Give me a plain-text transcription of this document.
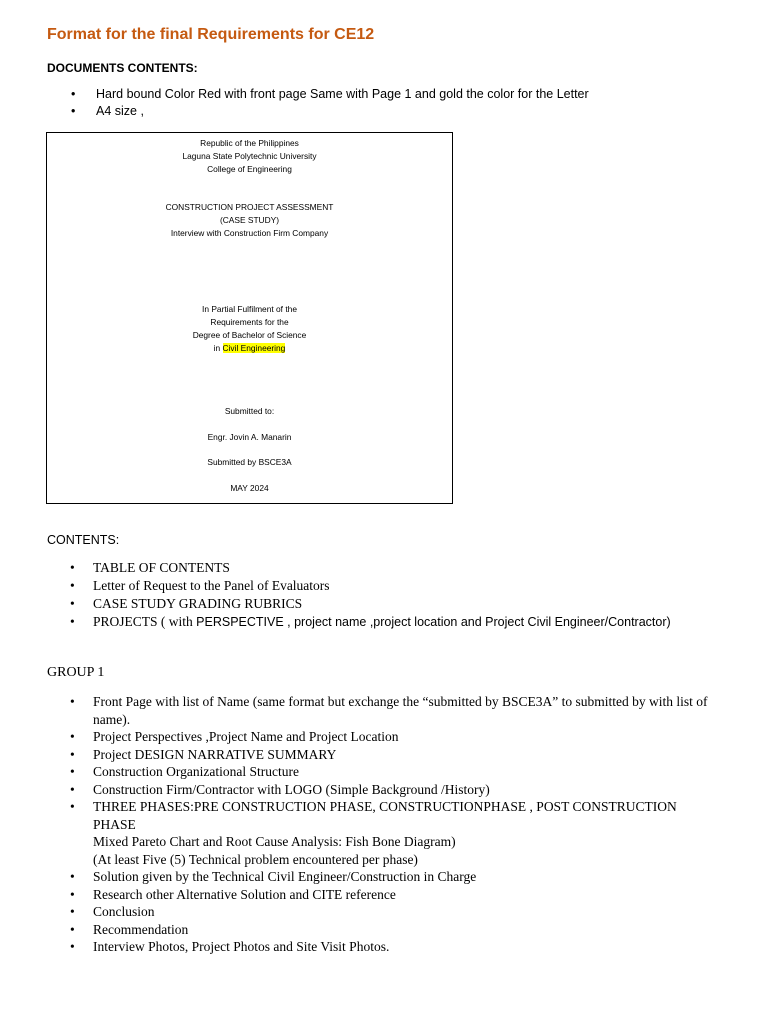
Format for the final Requirements for CE12
DOCUMENTS CONTENTS:
• Hard bound Color Red with front page Same with Page 1 and gold the color for the Letter
• A4 size ,

Republic of the Philippines

Laguna State Polytechnic University

College of Engineering

CONSTRUCTION PROJECT ASSESSMENT

(CASE STUDY)

Interview with Construction Firm Company

In Partial Fulfilment of the

Requirements for the

Degree of Bachelor of Science

in Civil Engineering

Submitted to:

Engr. Jovin A. Manarin

Submitted by BSCE3A

MAY 2024

CONTENTS:
• TABLE OF CONTENTS
• Letter of Request to the Panel of Evaluators
• CASE STUDY GRADING RUBRICS
• PROJECTS ( with PERSPECTIVE , project name ,project location and Project Civil Engineer/Contractor)
GROUP 1
• Front Page with list of Name (same format but exchange the “submitted by BSCE3A” to submitted by with list of name).
• Project Perspectives ,Project Name and Project Location
• Project DESIGN NARRATIVE SUMMARY
• Construction Organizational Structure
• Construction Firm/Contractor with LOGO (Simple Background /History)
• THREE PHASES:PRE CONSTRUCTION PHASE, CONSTRUCTIONPHASE , POST CONSTRUCTION PHASE
Mixed Pareto Chart and Root Cause Analysis: Fish Bone Diagram)
(At least Five (5) Technical problem encountered per phase)
• Solution given by the Technical Civil Engineer/Construction in Charge
• Research other Alternative Solution and CITE reference
• Conclusion
• Recommendation
• Interview Photos, Project Photos and Site Visit Photos.
